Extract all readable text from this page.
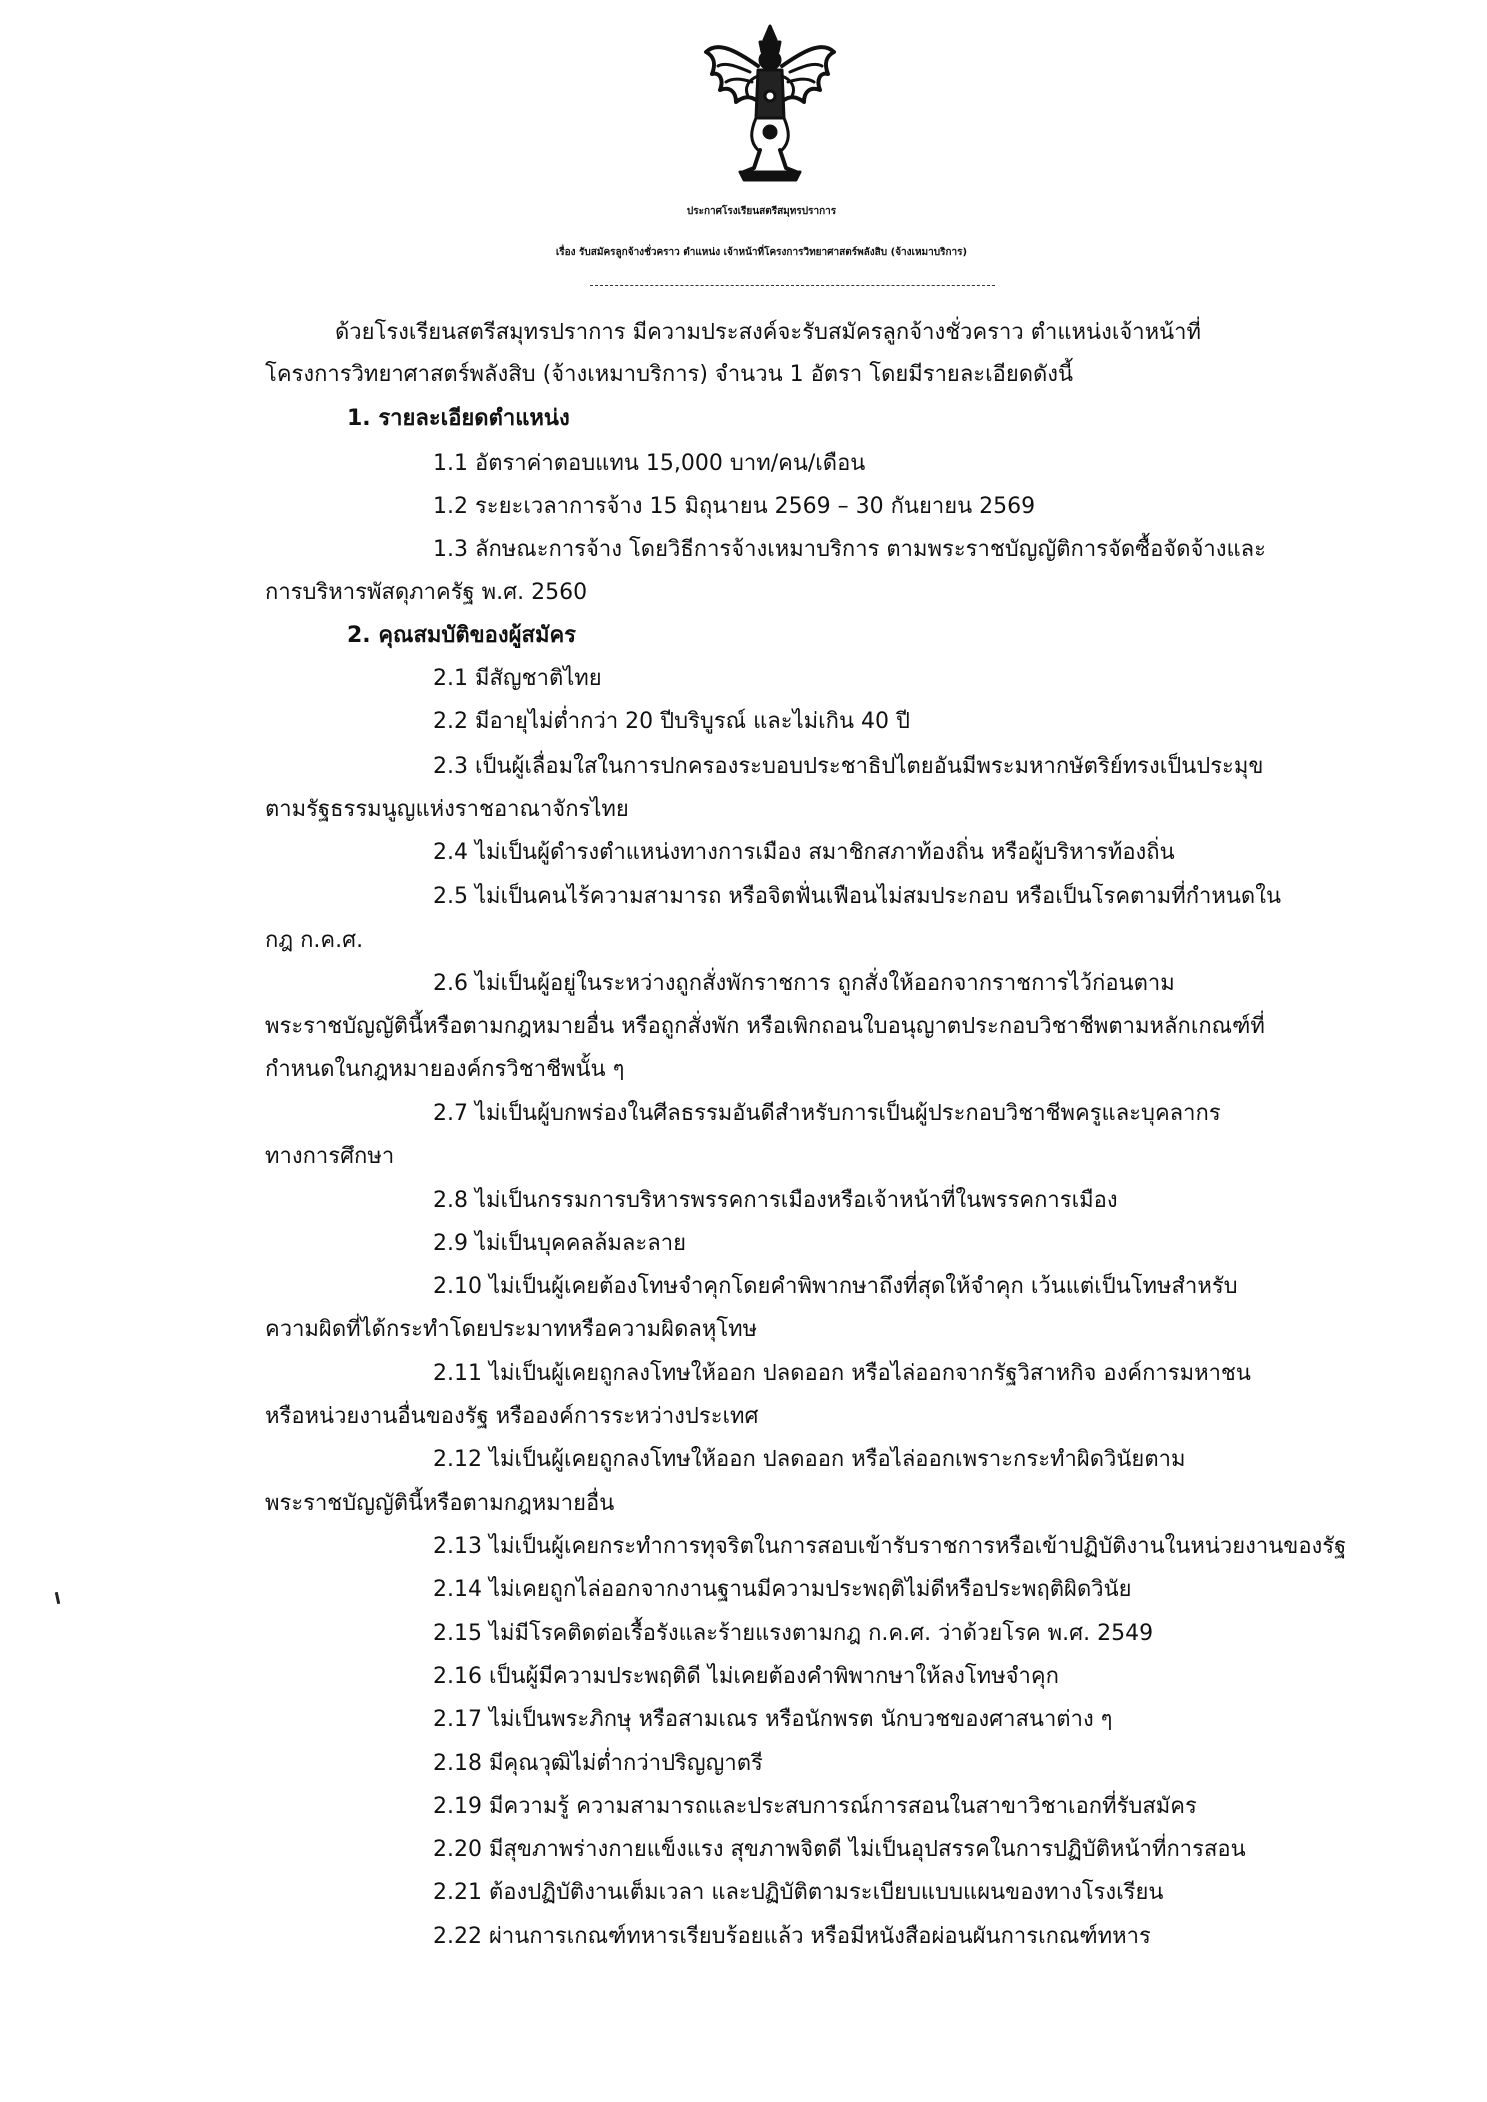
ประกาศโรงเรียนสตรีสมุทรปราการ
เรื่อง รับสมัครลูกจ้างชั่วคราว ตำแหน่ง เจ้าหน้าที่โครงการวิทยาศาสตร์พลังสิบ (จ้างเหมาบริการ)
ด้วยโรงเรียนสตรีสมุทรปราการ มีความประสงค์จะรับสมัครลูกจ้างชั่วคราว ตำแหน่งเจ้าหน้าที่
โครงการวิทยาศาสตร์พลังสิบ (จ้างเหมาบริการ) จำนวน 1 อัตรา โดยมีรายละเอียดดังนี้
1. รายละเอียดตำแหน่ง
1.1 อัตราค่าตอบแทน 15,000 บาท/คน/เดือน
1.2 ระยะเวลาการจ้าง 15 มิถุนายน 2569 – 30 กันยายน 2569
1.3 ลักษณะการจ้าง โดยวิธีการจ้างเหมาบริการ ตามพระราชบัญญัติการจัดซื้อจัดจ้างและ
การบริหารพัสดุภาครัฐ พ.ศ. 2560
2. คุณสมบัติของผู้สมัคร
2.1 มีสัญชาติไทย
2.2 มีอายุไม่ต่ำกว่า 20 ปีบริบูรณ์ และไม่เกิน 40 ปี
2.3 เป็นผู้เลื่อมใสในการปกครองระบอบประชาธิปไตยอันมีพระมหากษัตริย์ทรงเป็นประมุข
ตามรัฐธรรมนูญแห่งราชอาณาจักรไทย
2.4 ไม่เป็นผู้ดำรงตำแหน่งทางการเมือง สมาชิกสภาท้องถิ่น หรือผู้บริหารท้องถิ่น
2.5 ไม่เป็นคนไร้ความสามารถ หรือจิตฟั่นเฟือนไม่สมประกอบ หรือเป็นโรคตามที่กำหนดใน
กฎ ก.ค.ศ.
2.6 ไม่เป็นผู้อยู่ในระหว่างถูกสั่งพักราชการ ถูกสั่งให้ออกจากราชการไว้ก่อนตาม
พระราชบัญญัตินี้หรือตามกฎหมายอื่น หรือถูกสั่งพัก หรือเพิกถอนใบอนุญาตประกอบวิชาชีพตามหลักเกณฑ์ที่
กำหนดในกฎหมายองค์กรวิชาชีพนั้น ๆ
2.7 ไม่เป็นผู้บกพร่องในศีลธรรมอันดีสำหรับการเป็นผู้ประกอบวิชาชีพครูและบุคลากร
ทางการศึกษา
2.8 ไม่เป็นกรรมการบริหารพรรคการเมืองหรือเจ้าหน้าที่ในพรรคการเมือง
2.9 ไม่เป็นบุคคลล้มละลาย
2.10 ไม่เป็นผู้เคยต้องโทษจำคุกโดยคำพิพากษาถึงที่สุดให้จำคุก เว้นแต่เป็นโทษสำหรับ
ความผิดที่ได้กระทำโดยประมาทหรือความผิดลหุโทษ
2.11 ไม่เป็นผู้เคยถูกลงโทษให้ออก ปลดออก หรือไล่ออกจากรัฐวิสาหกิจ องค์การมหาชน
หรือหน่วยงานอื่นของรัฐ หรือองค์การระหว่างประเทศ
2.12 ไม่เป็นผู้เคยถูกลงโทษให้ออก ปลดออก หรือไล่ออกเพราะกระทำผิดวินัยตาม
พระราชบัญญัตินี้หรือตามกฎหมายอื่น
2.13 ไม่เป็นผู้เคยกระทำการทุจริตในการสอบเข้ารับราชการหรือเข้าปฏิบัติงานในหน่วยงานของรัฐ
2.14 ไม่เคยถูกไล่ออกจากงานฐานมีความประพฤติไม่ดีหรือประพฤติผิดวินัย
2.15 ไม่มีโรคติดต่อเรื้อรังและร้ายแรงตามกฎ ก.ค.ศ. ว่าด้วยโรค พ.ศ. 2549
2.16 เป็นผู้มีความประพฤติดี ไม่เคยต้องคำพิพากษาให้ลงโทษจำคุก
2.17 ไม่เป็นพระภิกษุ หรือสามเณร หรือนักพรต นักบวชของศาสนาต่าง ๆ
2.18 มีคุณวุฒิไม่ต่ำกว่าปริญญาตรี
2.19 มีความรู้ ความสามารถและประสบการณ์การสอนในสาขาวิชาเอกที่รับสมัคร
2.20 มีสุขภาพร่างกายแข็งแรง สุขภาพจิตดี ไม่เป็นอุปสรรคในการปฏิบัติหน้าที่การสอน
2.21 ต้องปฏิบัติงานเต็มเวลา และปฏิบัติตามระเบียบแบบแผนของทางโรงเรียน
2.22 ผ่านการเกณฑ์ทหารเรียบร้อยแล้ว หรือมีหนังสือผ่อนผันการเกณฑ์ทหาร
